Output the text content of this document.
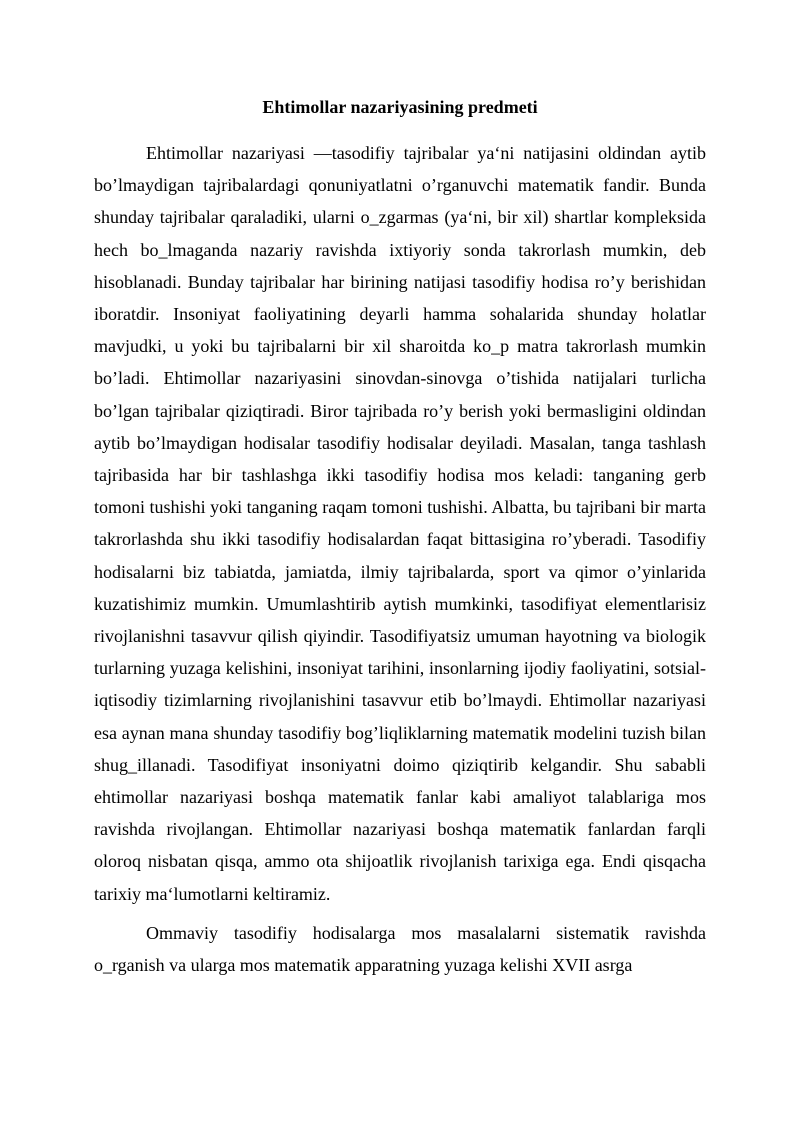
Ehtimollar nazariyasining predmeti

Ehtimollar nazariyasi ―tasodifiy tajribalar ya‘ni natijasini oldindan aytib bo’lmaydigan tajribalardagi qonuniyatlatni o’rganuvchi matematik fandir. Bunda shunday tajribalar qaraladiki, ularni o_zgarmas (ya‘ni, bir xil) shartlar kompleksida hech bo_lmaganda nazariy ravishda ixtiyoriy sonda takrorlash mumkin, deb hisoblanadi. Bunday tajribalar har birining natijasi tasodifiy hodisa ro’y berishidan iboratdir. Insoniyat faoliyatining deyarli hamma sohalarida shunday holatlar mavjudki, u yoki bu tajribalarni bir xil sharoitda ko_p matra takrorlash mumkin bo’ladi. Ehtimollar nazariyasini sinovdan-sinovga o’tishida natijalari turlicha bo’lgan tajribalar qiziqtiradi. Biror tajribada ro’y berish yoki bermasligini oldindan aytib bo’lmaydigan hodisalar tasodifiy hodisalar deyiladi. Masalan, tanga tashlash tajribasida har bir tashlashga ikki tasodifiy hodisa mos keladi: tanganing gerb tomoni tushishi yoki tanganing raqam tomoni tushishi. Albatta, bu tajribani bir marta takrorlashda shu ikki tasodifiy hodisalardan faqat bittasigina ro’yberadi. Tasodifiy hodisalarni biz tabiatda, jamiatda, ilmiy tajribalarda, sport va qimor o’yinlarida kuzatishimiz mumkin. Umumlashtirib aytish mumkinki, tasodifiyat elementlarisiz rivojlanishni tasavvur qilish qiyindir. Tasodifiyatsiz umuman hayotning va biologik turlarning yuzaga kelishini, insoniyat tarihini, insonlarning ijodiy faoliyatini, sotsial-iqtisodiy tizimlarning rivojlanishini tasavvur etib bo’lmaydi. Ehtimollar nazariyasi esa aynan mana shunday tasodifiy bog’liqliklarning matematik modelini tuzish bilan shug_illanadi. Tasodifiyat insoniyatni doimo qiziqtirib kelgandir. Shu sababli ehtimollar nazariyasi boshqa matematik fanlar kabi amaliyot talablariga mos ravishda rivojlangan. Ehtimollar nazariyasi boshqa matematik fanlardan farqli oloroq nisbatan qisqa, ammo ota shijoatlik rivojlanish tarixiga ega. Endi qisqacha tarixiy ma‘lumotlarni keltiramiz.

Ommaviy tasodifiy hodisalarga mos masalalarni sistematik ravishda o_rganish va ularga mos matematik apparatning yuzaga kelishi XVII asrga
